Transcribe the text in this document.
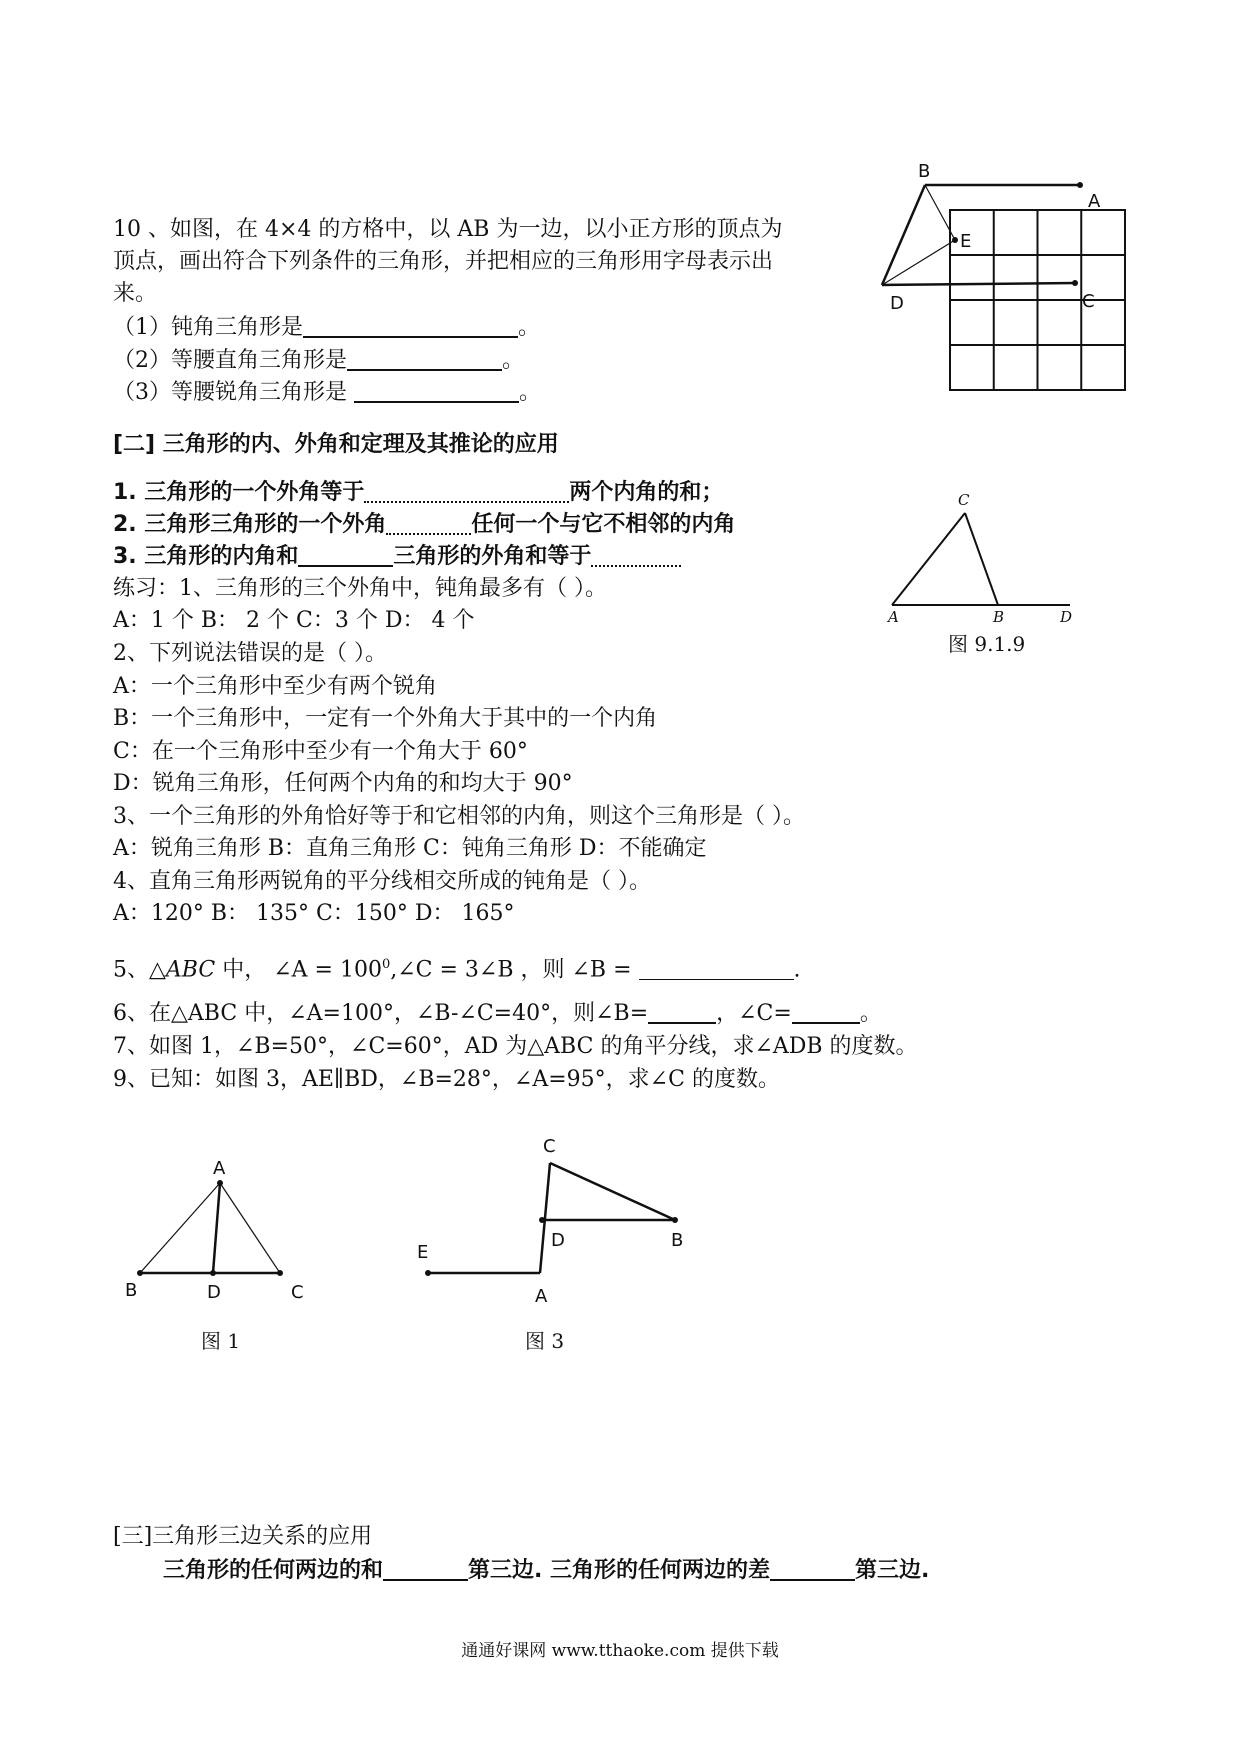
10 、如图，在 4×4 的方格中，以 AB 为一边，以小正方形的顶点为
顶点，画出符合下列条件的三角形，并把相应的三角形用字母表示出
来。
（1）钝角三角形是	。
（2）等腰直角三角形是	。
（3）等腰锐角三角形是	。
B
A
E
D	C
[二] 三角形的内、外角和定理及其推论的应用
1. 三角形的一个外角等于	两个内角的和；
2. 三角形三角形的一个外角	任何一个与它不相邻的内角
3. 三角形的内角和	三角形的外角和等于
C
A	B	D
图 9.1.9
练习：1、三角形的三个外角中，钝角最多有（ ）。
A：1 个 B： 2 个 C：3 个 D： 4 个
2、下列说法错误的是（ ）。
A：一个三角形中至少有两个锐角
B：一个三角形中，一定有一个外角大于其中的一个内角
C：在一个三角形中至少有一个角大于 60°
D：锐角三角形，任何两个内角的和均大于 90°
3、一个三角形的外角恰好等于和它相邻的内角，则这个三角形是（ ）。
A：锐角三角形 B：直角三角形 C：钝角三角形 D：不能确定
4、直角三角形两锐角的平分线相交所成的钝角是（ ）。
A：120° B： 135° C：150° D： 165°
5、△ABC 中， ∠A = $100^0,\angle C$ = 3∠B ，则 ∠B =	.
6、在△ABC 中，∠A=100°，∠B-∠C=40°，则∠B=	，∠C=	。
7、如图 1，∠B=50°，∠C=60°，AD 为△ABC 的角平分线，求∠ADB 的度数。
9、已知：如图 3，AE∥BD，∠B=28°，∠A=95°，求∠C 的度数。
A
B	D	C
图 1
C
D	B
E
A
图 3
[三]三角形三边关系的应用
三角形的任何两边的和	第三边. 三角形的任何两边的差	第三边.
通通好课网 www.tthaoke.com 提供下载
